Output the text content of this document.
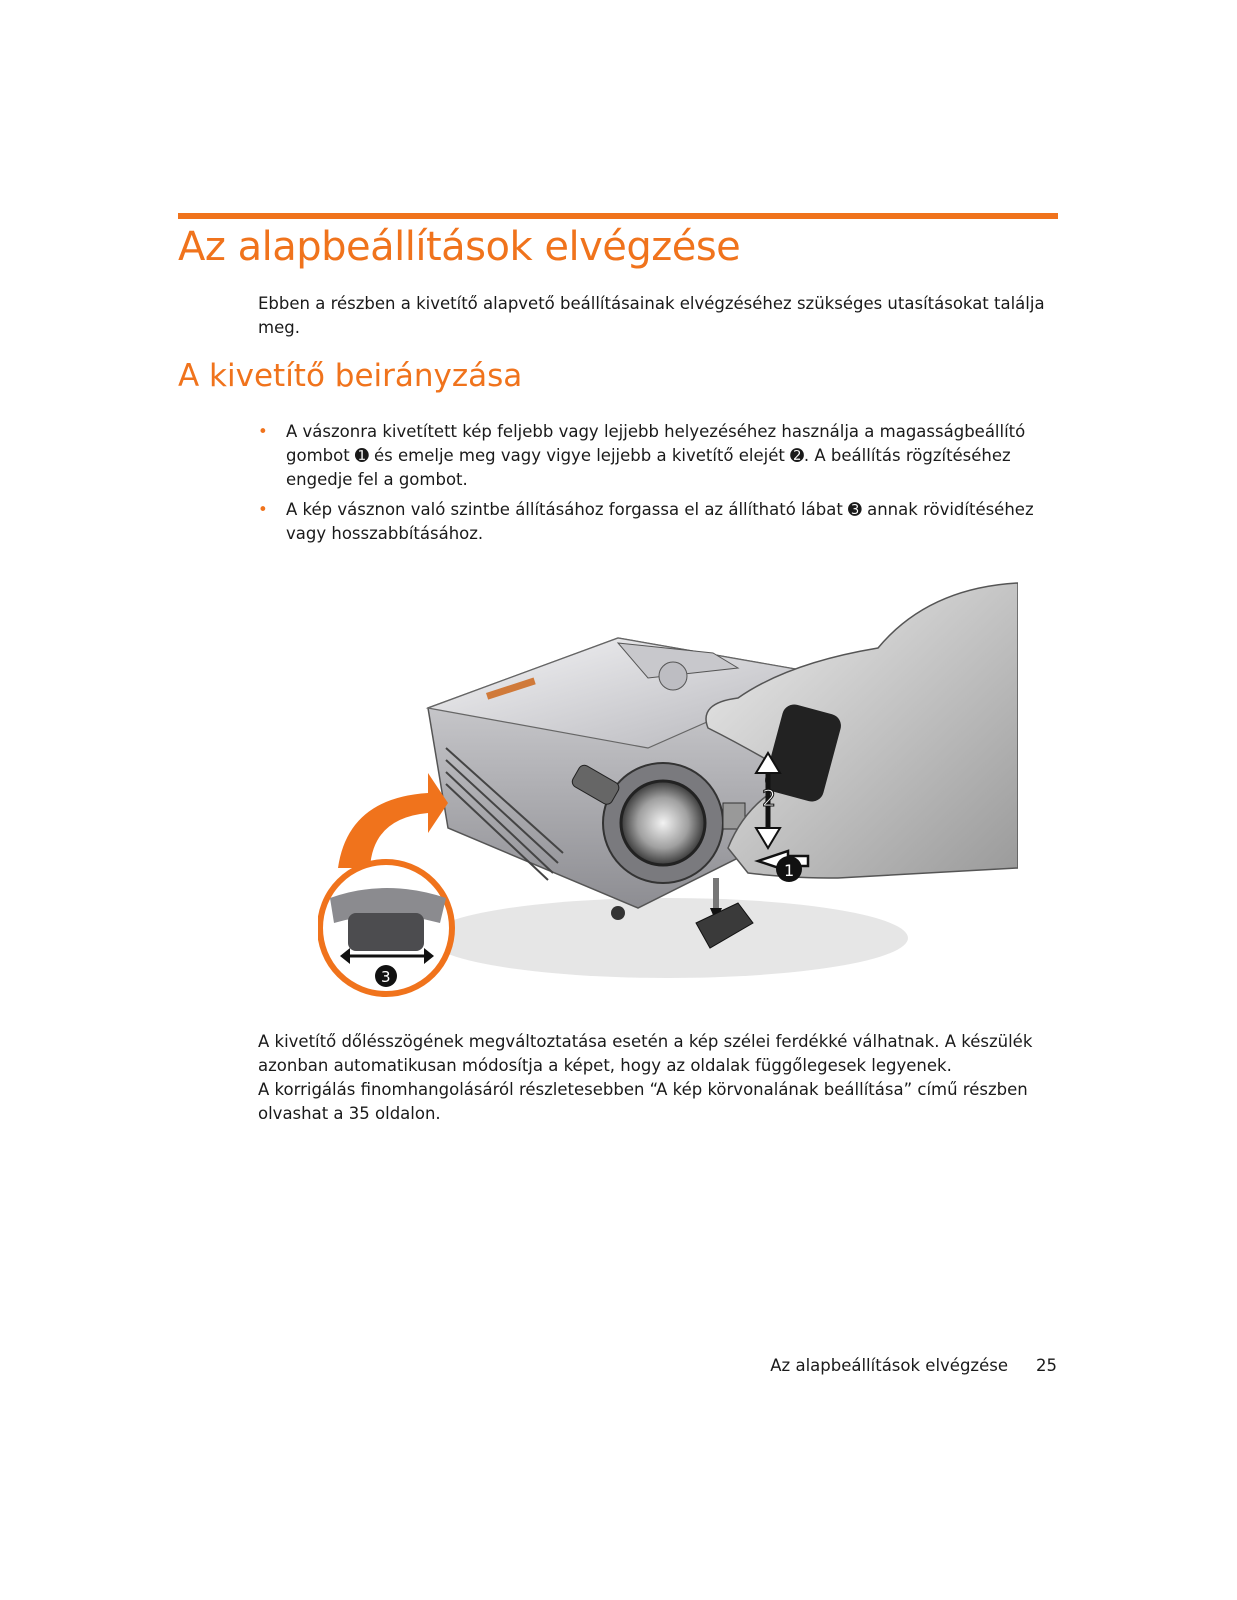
Az alapbeállítások elvégzése

Ebben a részben a kivetítő alapvető beállításainak elvégzéséhez szükséges utasításokat találja meg.

A kivetítő beirányzása
• A vászonra kivetített kép feljebb vagy lejjebb helyezéséhez használja a magasságbeállító gombot ➊ és emelje meg vagy vigye lejjebb a kivetítő elejét ➋. A beállítás rögzítéséhez engedje fel a gombot.
• A kép vásznon való szintbe állításához forgassa el az állítható lábat ➌ annak rövidítéséhez vagy hosszabbításához.
2
1
3

A kivetítő dőlésszögének megváltoztatása esetén a kép szélei ferdékké válhatnak. A készülék azonban automatikusan módosítja a képet, hogy az oldalak függőlegesek legyenek.
A korrigálás finomhangolásáról részletesebben “A kép körvonalának beállítása” című részben olvashat a 35 oldalon.

Az alapbeállítások elvégzése 25
